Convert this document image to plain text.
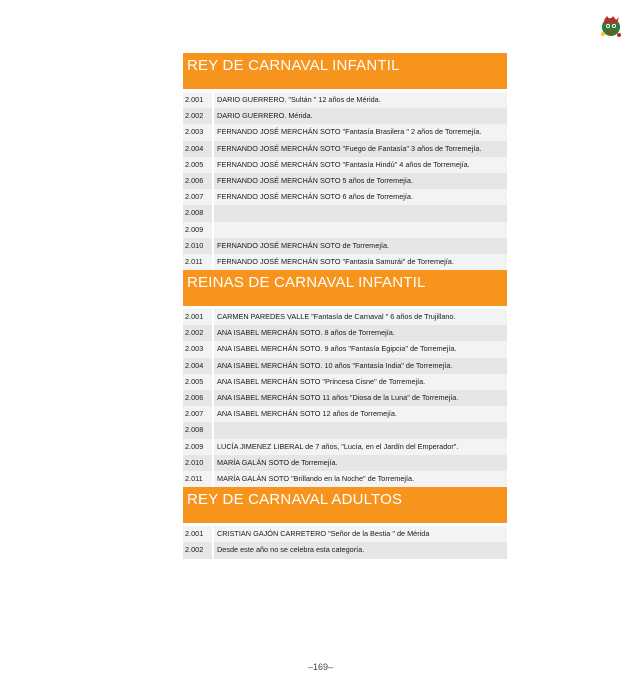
REY DE CARNAVAL INFANTIL
2.001	DARIO GUERRERO. "Sultán " 12 años de Mérida.
2.002	DARIO GUERRERO. Mérida.
2.003	FERNANDO JOSÉ MERCHÁN SOTO "Fantasía Brasilera " 2 años de Torremejía.
2.004	FERNANDO JOSÉ MERCHÁN SOTO "Fuego de Fantasía" 3 años de Torremejía.
2.005	FERNANDO JOSÉ MERCHÁN SOTO "Fantasía Hindú" 4 años de Torremejía.
2.006	FERNANDO JOSÉ MERCHÁN SOTO 5 años de Torremejía.
2.007	FERNANDO JOSÉ MERCHÁN SOTO 6 años de Torremejía.
2.008
2.009
2.010	FERNANDO JOSÉ MERCHÁN SOTO de Torremejía.
2.011	FERNANDO JOSÉ MERCHÁN SOTO "Fantasía Samurái" de Torremejía.
REINAS DE CARNAVAL INFANTIL
2.001	CARMEN PAREDES VALLE "Fantasía de Carnaval " 6 años de Trujillano.
2.002	ANA ISABEL MERCHÁN SOTO. 8 años de Torremejía.
2.003	ANA ISABEL MERCHÁN SOTO. 9 años "Fantasía Egipcia" de Torremejía.
2.004	ANA ISABEL MERCHÁN SOTO. 10 años "Fantasía India" de Torremejía.
2.005	ANA ISABEL MERCHÁN SOTO "Princesa Cisne" de Torremejía.
2.006	ANA ISABEL MERCHÁN SOTO 11 años "Diosa de la Luna" de Torremejía.
2.007	ANA ISABEL MERCHÁN SOTO 12 años de Torremejía.
2.008
2.009	LUCÍA JIMENEZ LIBERAL de 7 años, "Lucía, en el Jardín del Emperador".
2.010	MARÍA GALÁN SOTO de Torremejía.
2.011	MARÍA GALÁN SOTO "Brillando en la Noche" de Torremejía.
REY DE CARNAVAL ADULTOS
2.001	CRISTIAN GAJÓN CARRETERO "Señor de la Bestia " de Mérida
2.002	Desde este año no se celebra esta categoría.
–169–
